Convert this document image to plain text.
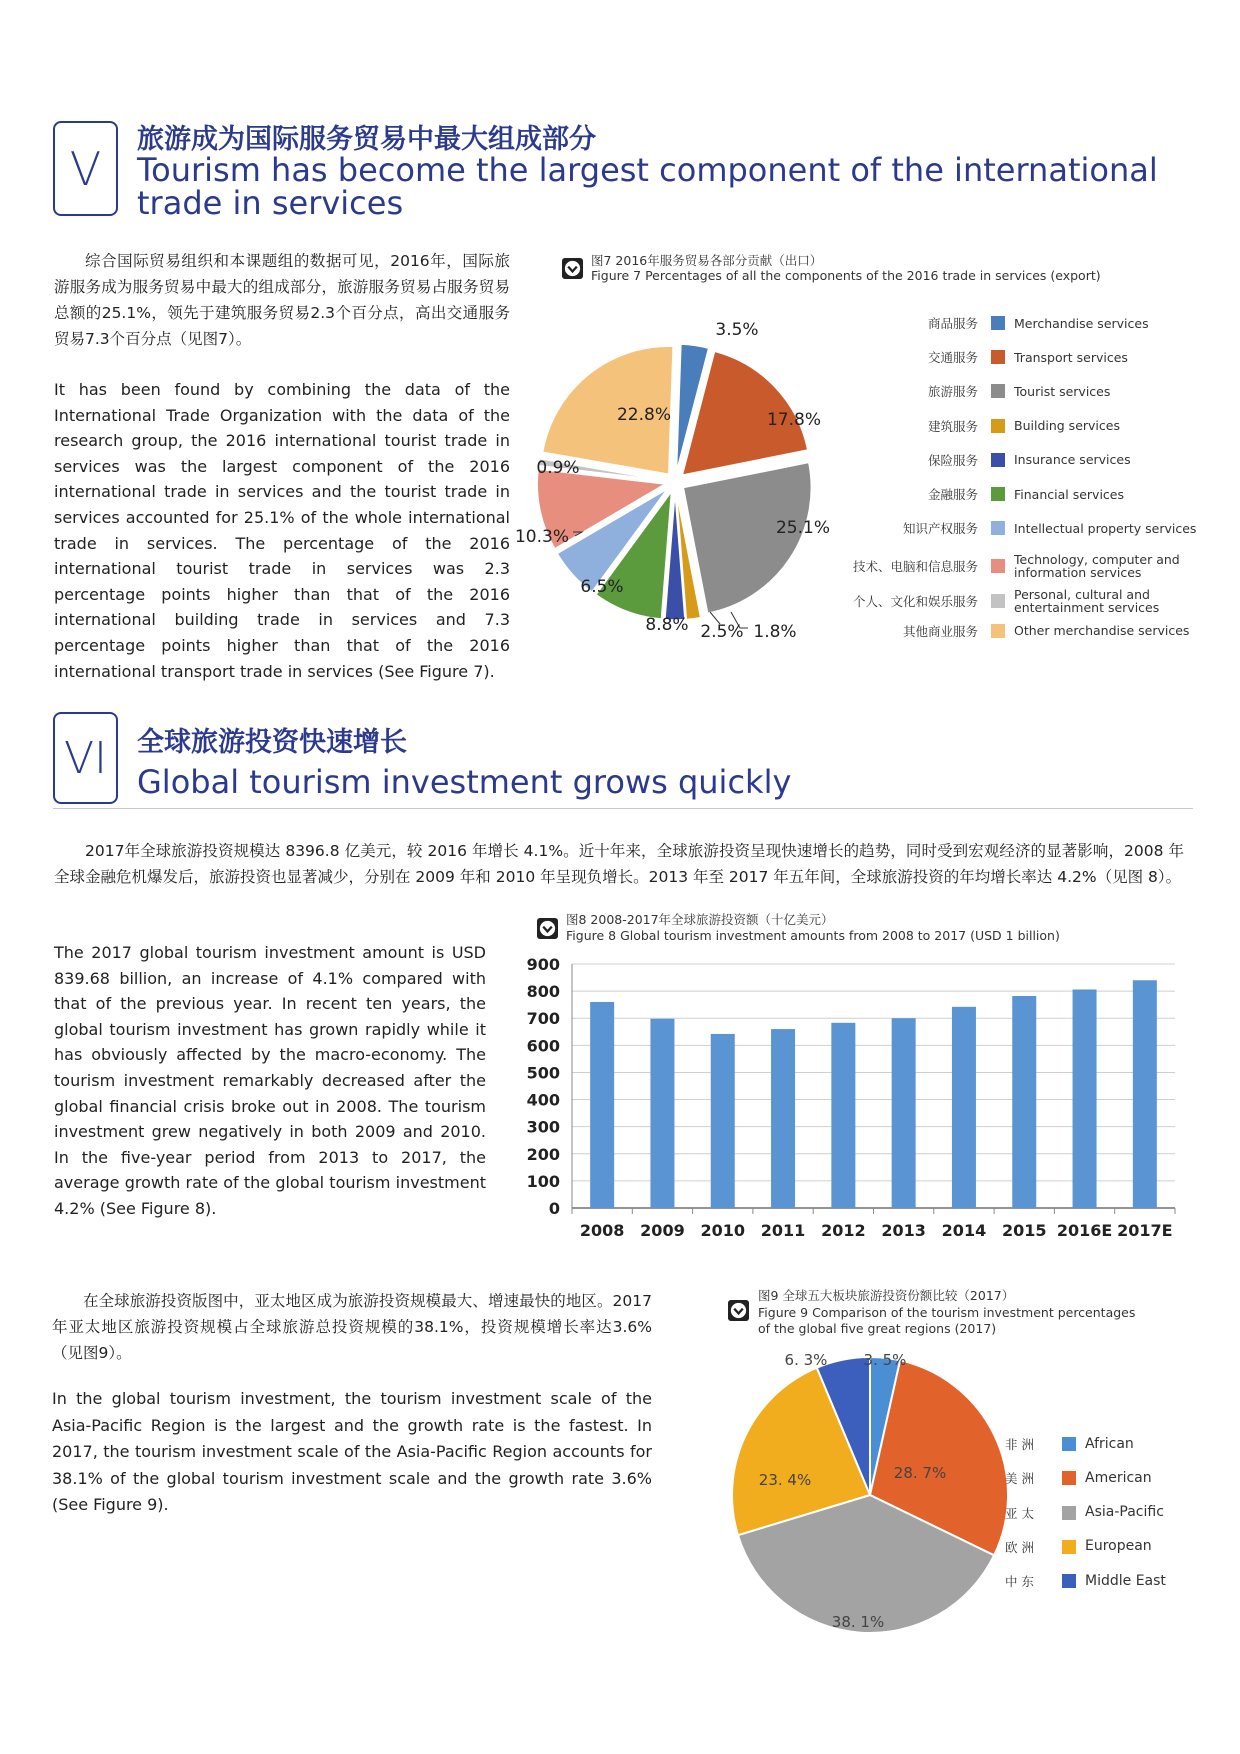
V
旅游成为国际服务贸易中最大组成部分
Tourism has become the largest component of the international trade in services
综合国际贸易组织和本课题组的数据可见，2016年，国际旅游服务成为服务贸易中最大的组成部分，旅游服务贸易占服务贸易总额的25.1%，领先于建筑服务贸易2.3个百分点，高出交通服务贸易7.3个百分点（见图7）。
It has been found by combining the data of the International Trade Organization with the data of the research group, the 2016 international tourist trade in services was the largest component of the 2016 international trade in services and the tourist trade in services accounted for 25.1% of the whole international trade in services. The percentage of the 2016 international tourist trade in services was 2.3 percentage points higher than that of the 2016 international building trade in services and 7.3 percentage points higher than that of the 2016 international transport trade in services (See Figure 7).
图7 2016年服务贸易各部分贡献（出口）
Figure 7 Percentages of all the components of the 2016 trade in services (export)
3.5%
17.8%
25.1%
1.8%
2.5%
8.8%
6.5%
10.3%
0.9%
22.8%
商品服务	Merchandise services
交通服务	Transport services
旅游服务	Tourist services
建筑服务	Building services
保险服务	Insurance services
金融服务	Financial services
知识产权服务	Intellectual property services
技术、电脑和信息服务	Technology, computer and information services
个人、文化和娱乐服务	Personal, cultural and entertainment services
其他商业服务	Other merchandise services
VI 全球旅游投资快速增长
Global tourism investment grows quickly
2017年全球旅游投资规模达 8396.8 亿美元，较 2016 年增长 4.1%。近十年来，全球旅游投资呈现快速增长的趋势，同时受到宏观经济的显著影响，2008 年全球金融危机爆发后，旅游投资也显著减少，分别在 2009 年和 2010 年呈现负增长。2013 年至 2017 年五年间，全球旅游投资的年均增长率达 4.2%（见图 8）。
The 2017 global tourism investment amount is USD 839.68 billion, an increase of 4.1% compared with that of the previous year. In recent ten years, the global tourism investment has grown rapidly while it has obviously affected by the macro-economy. The tourism investment remarkably decreased after the global financial crisis broke out in 2008. The tourism investment grew negatively in both 2009 and 2010. In the five-year period from 2013 to 2017, the average growth rate of the global tourism investment 4.2% (See Figure 8).
图8 2008-2017年全球旅游投资额（十亿美元）
Figure 8 Global tourism investment amounts from 2008 to 2017 (USD 1 billion)
0
100
200
300
400
500
600
700
800
900
2008 2009 2010 2011 2012 2013 2014 2015 2016E 2017E
在全球旅游投资版图中，亚太地区成为旅游投资规模最大、增速最快的地区。2017年亚太地区旅游投资规模占全球旅游总投资规模的38.1%，投资规模增长率达3.6%（见图9）。
In the global tourism investment, the tourism investment scale of the Asia-Pacific Region is the largest and the growth rate is the fastest. In 2017, the tourism investment scale of the Asia-Pacific Region accounts for 38.1% of the global tourism investment scale and the growth rate 3.6% (See Figure 9).
图9 全球五大板块旅游投资份额比较（2017）
Figure 9 Comparison of the tourism investment percentages of the global five great regions (2017)
3. 5%
28. 7%
38. 1%
23. 4%
6. 3%
非 洲	African
美 洲	American
亚 太	Asia-Pacific
欧 洲	European
中 东	Middle East
